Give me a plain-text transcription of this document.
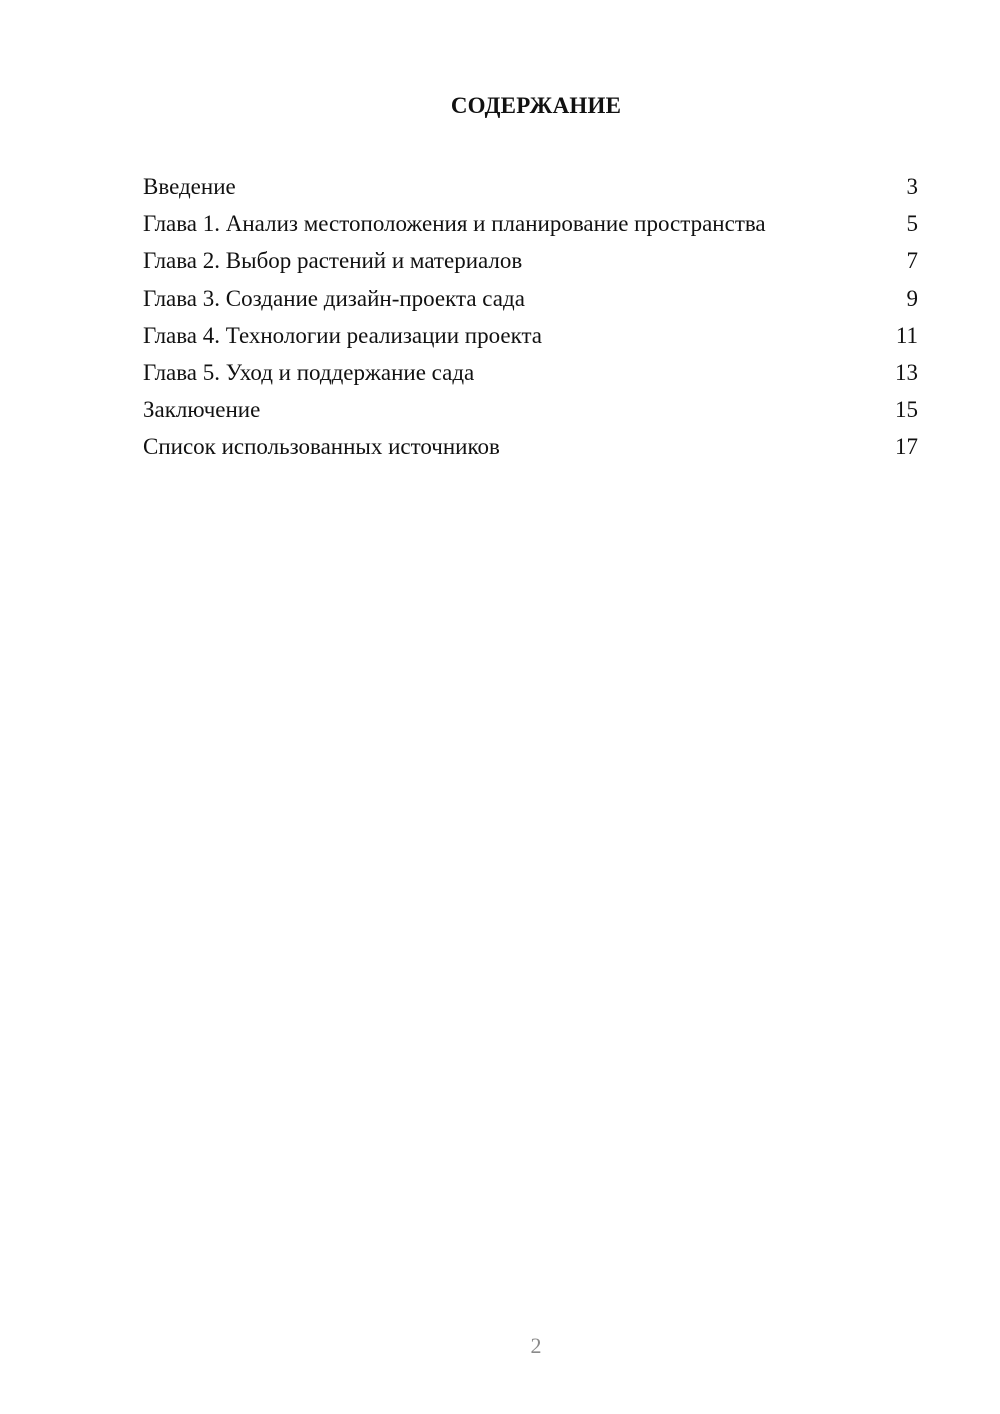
СОДЕРЖАНИЕ
Введение	3
Глава 1. Анализ местоположения и планирование пространства	5
Глава 2. Выбор растений и материалов	7
Глава 3. Создание дизайн-проекта сада	9
Глава 4. Технологии реализации проекта	11
Глава 5. Уход и поддержание сада	13
Заключение	15
Список использованных источников	17
2
